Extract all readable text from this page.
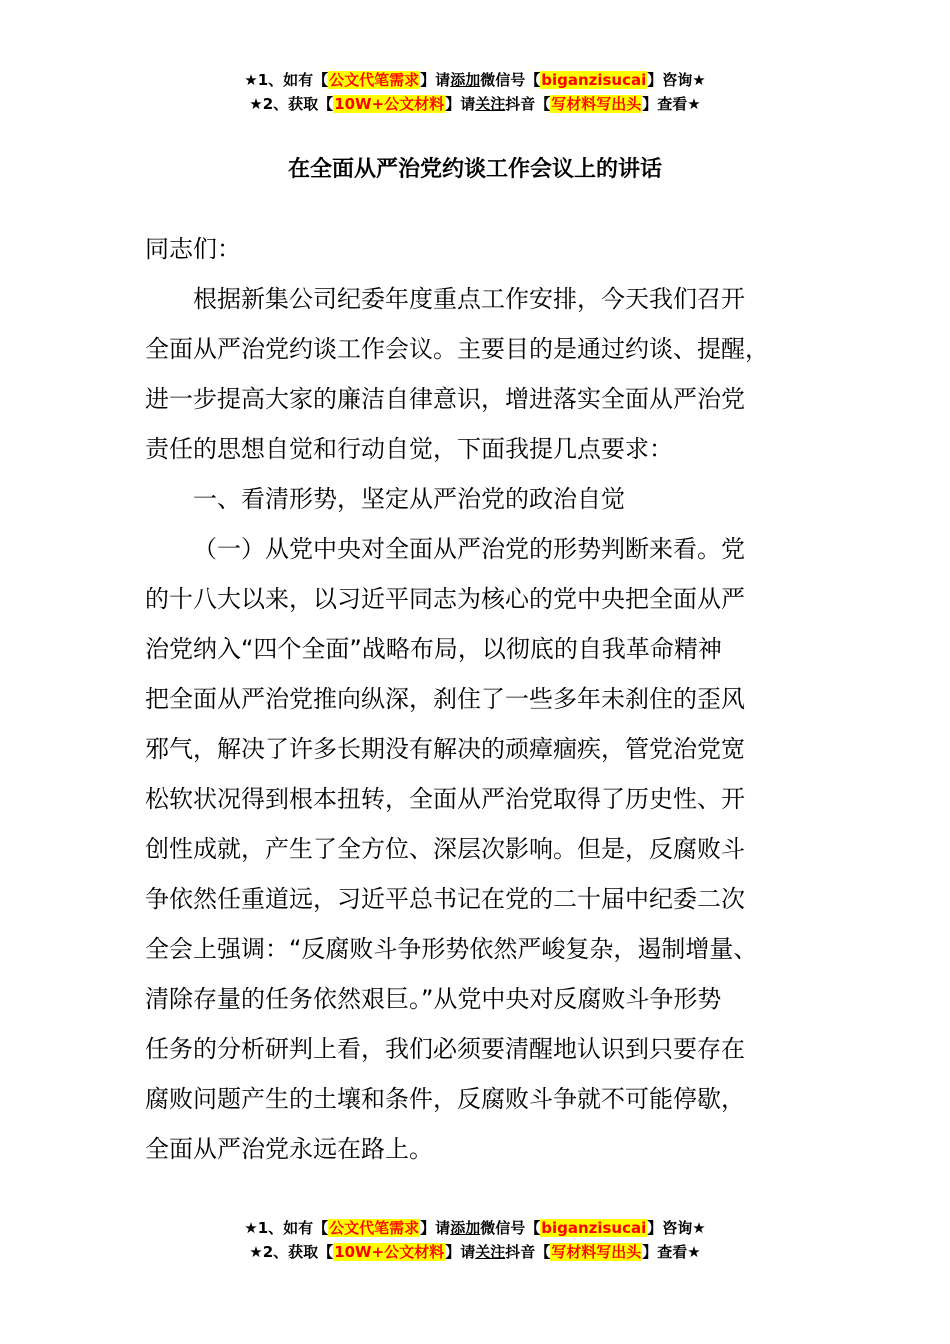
★1、如有【公文代笔需求】请添加微信号【biganzisucai】咨询★
★2、获取【10W+公文材料】请关注抖音【写材料写出头】查看★
在全面从严治党约谈工作会议上的讲话

同志们：

根据新集公司纪委年度重点工作安排，今天我们召开

全面从严治党约谈工作会议。主要目的是通过约谈、提醒，

进一步提高大家的廉洁自律意识，增进落实全面从严治党

责任的思想自觉和行动自觉，下面我提几点要求：

一、看清形势，坚定从严治党的政治自觉

（一）从党中央对全面从严治党的形势判断来看。党

的十八大以来，以习近平同志为核心的党中央把全面从严

治党纳入“四个全面”战略布局，以彻底的自我革命精神

把全面从严治党推向纵深，刹住了一些多年未刹住的歪风

邪气，解决了许多长期没有解决的顽瘴痼疾，管党治党宽

松软状况得到根本扭转，全面从严治党取得了历史性、开

创性成就，产生了全方位、深层次影响。但是，反腐败斗

争依然任重道远，习近平总书记在党的二十届中纪委二次

全会上强调：“反腐败斗争形势依然严峻复杂，遏制增量、

清除存量的任务依然艰巨。”从党中央对反腐败斗争形势

任务的分析研判上看，我们必须要清醒地认识到只要存在

腐败问题产生的土壤和条件，反腐败斗争就不可能停歇，

全面从严治党永远在路上。

★1、如有【公文代笔需求】请添加微信号【biganzisucai】咨询★
★2、获取【10W+公文材料】请关注抖音【写材料写出头】查看★
